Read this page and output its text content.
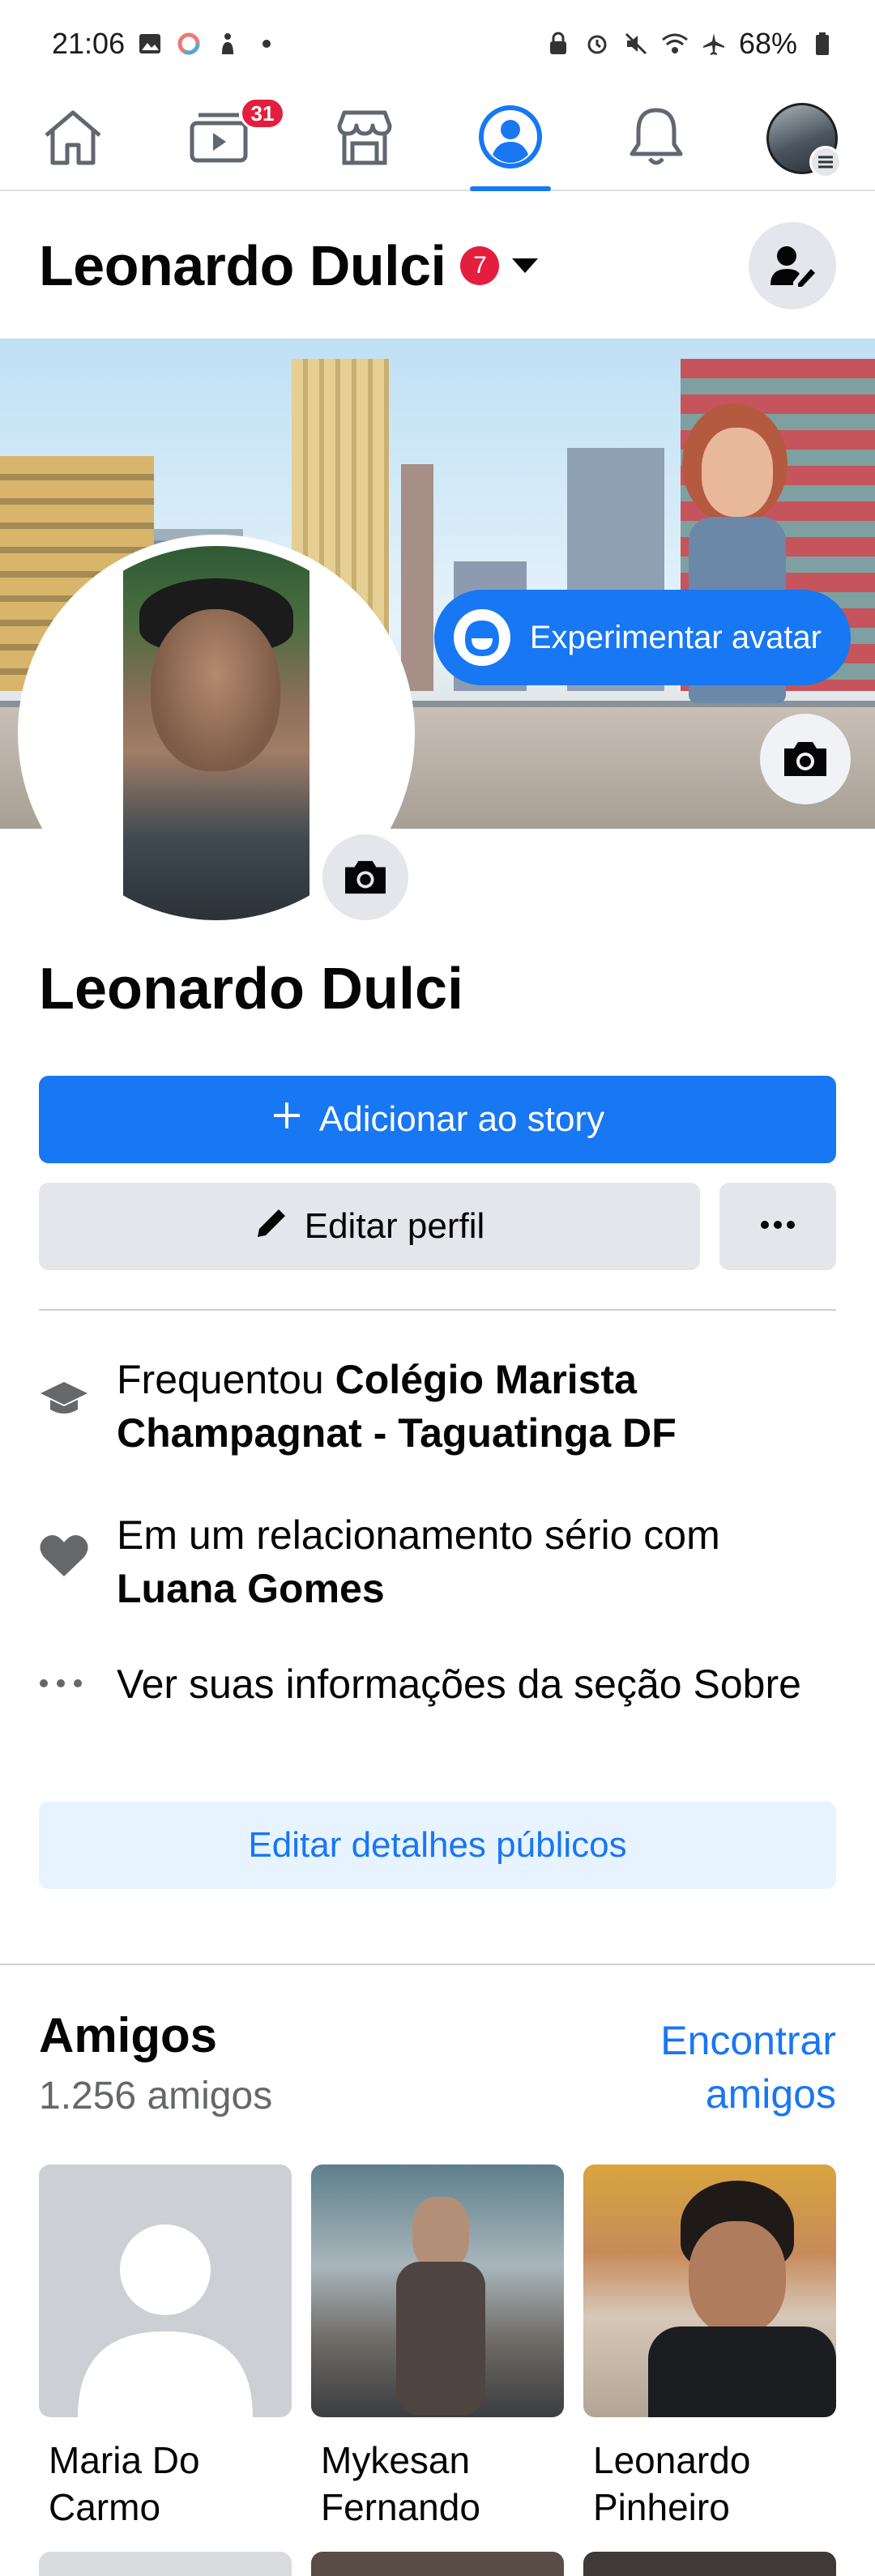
21:06	68%
31
Leonardo Dulci	7
Experimentar avatar
Leonardo Dulci
Adicionar ao story
Editar perfil
Frequentou Colégio Marista Champagnat - Taguatinga DF
Em um relacionamento sério com Luana Gomes
Ver suas informações da seção Sobre
Editar detalhes públicos
Amigos
1.256 amigos
Encontrar amigos
Maria Do Carmo
Mykesan Fernando
Leonardo Pinheiro
